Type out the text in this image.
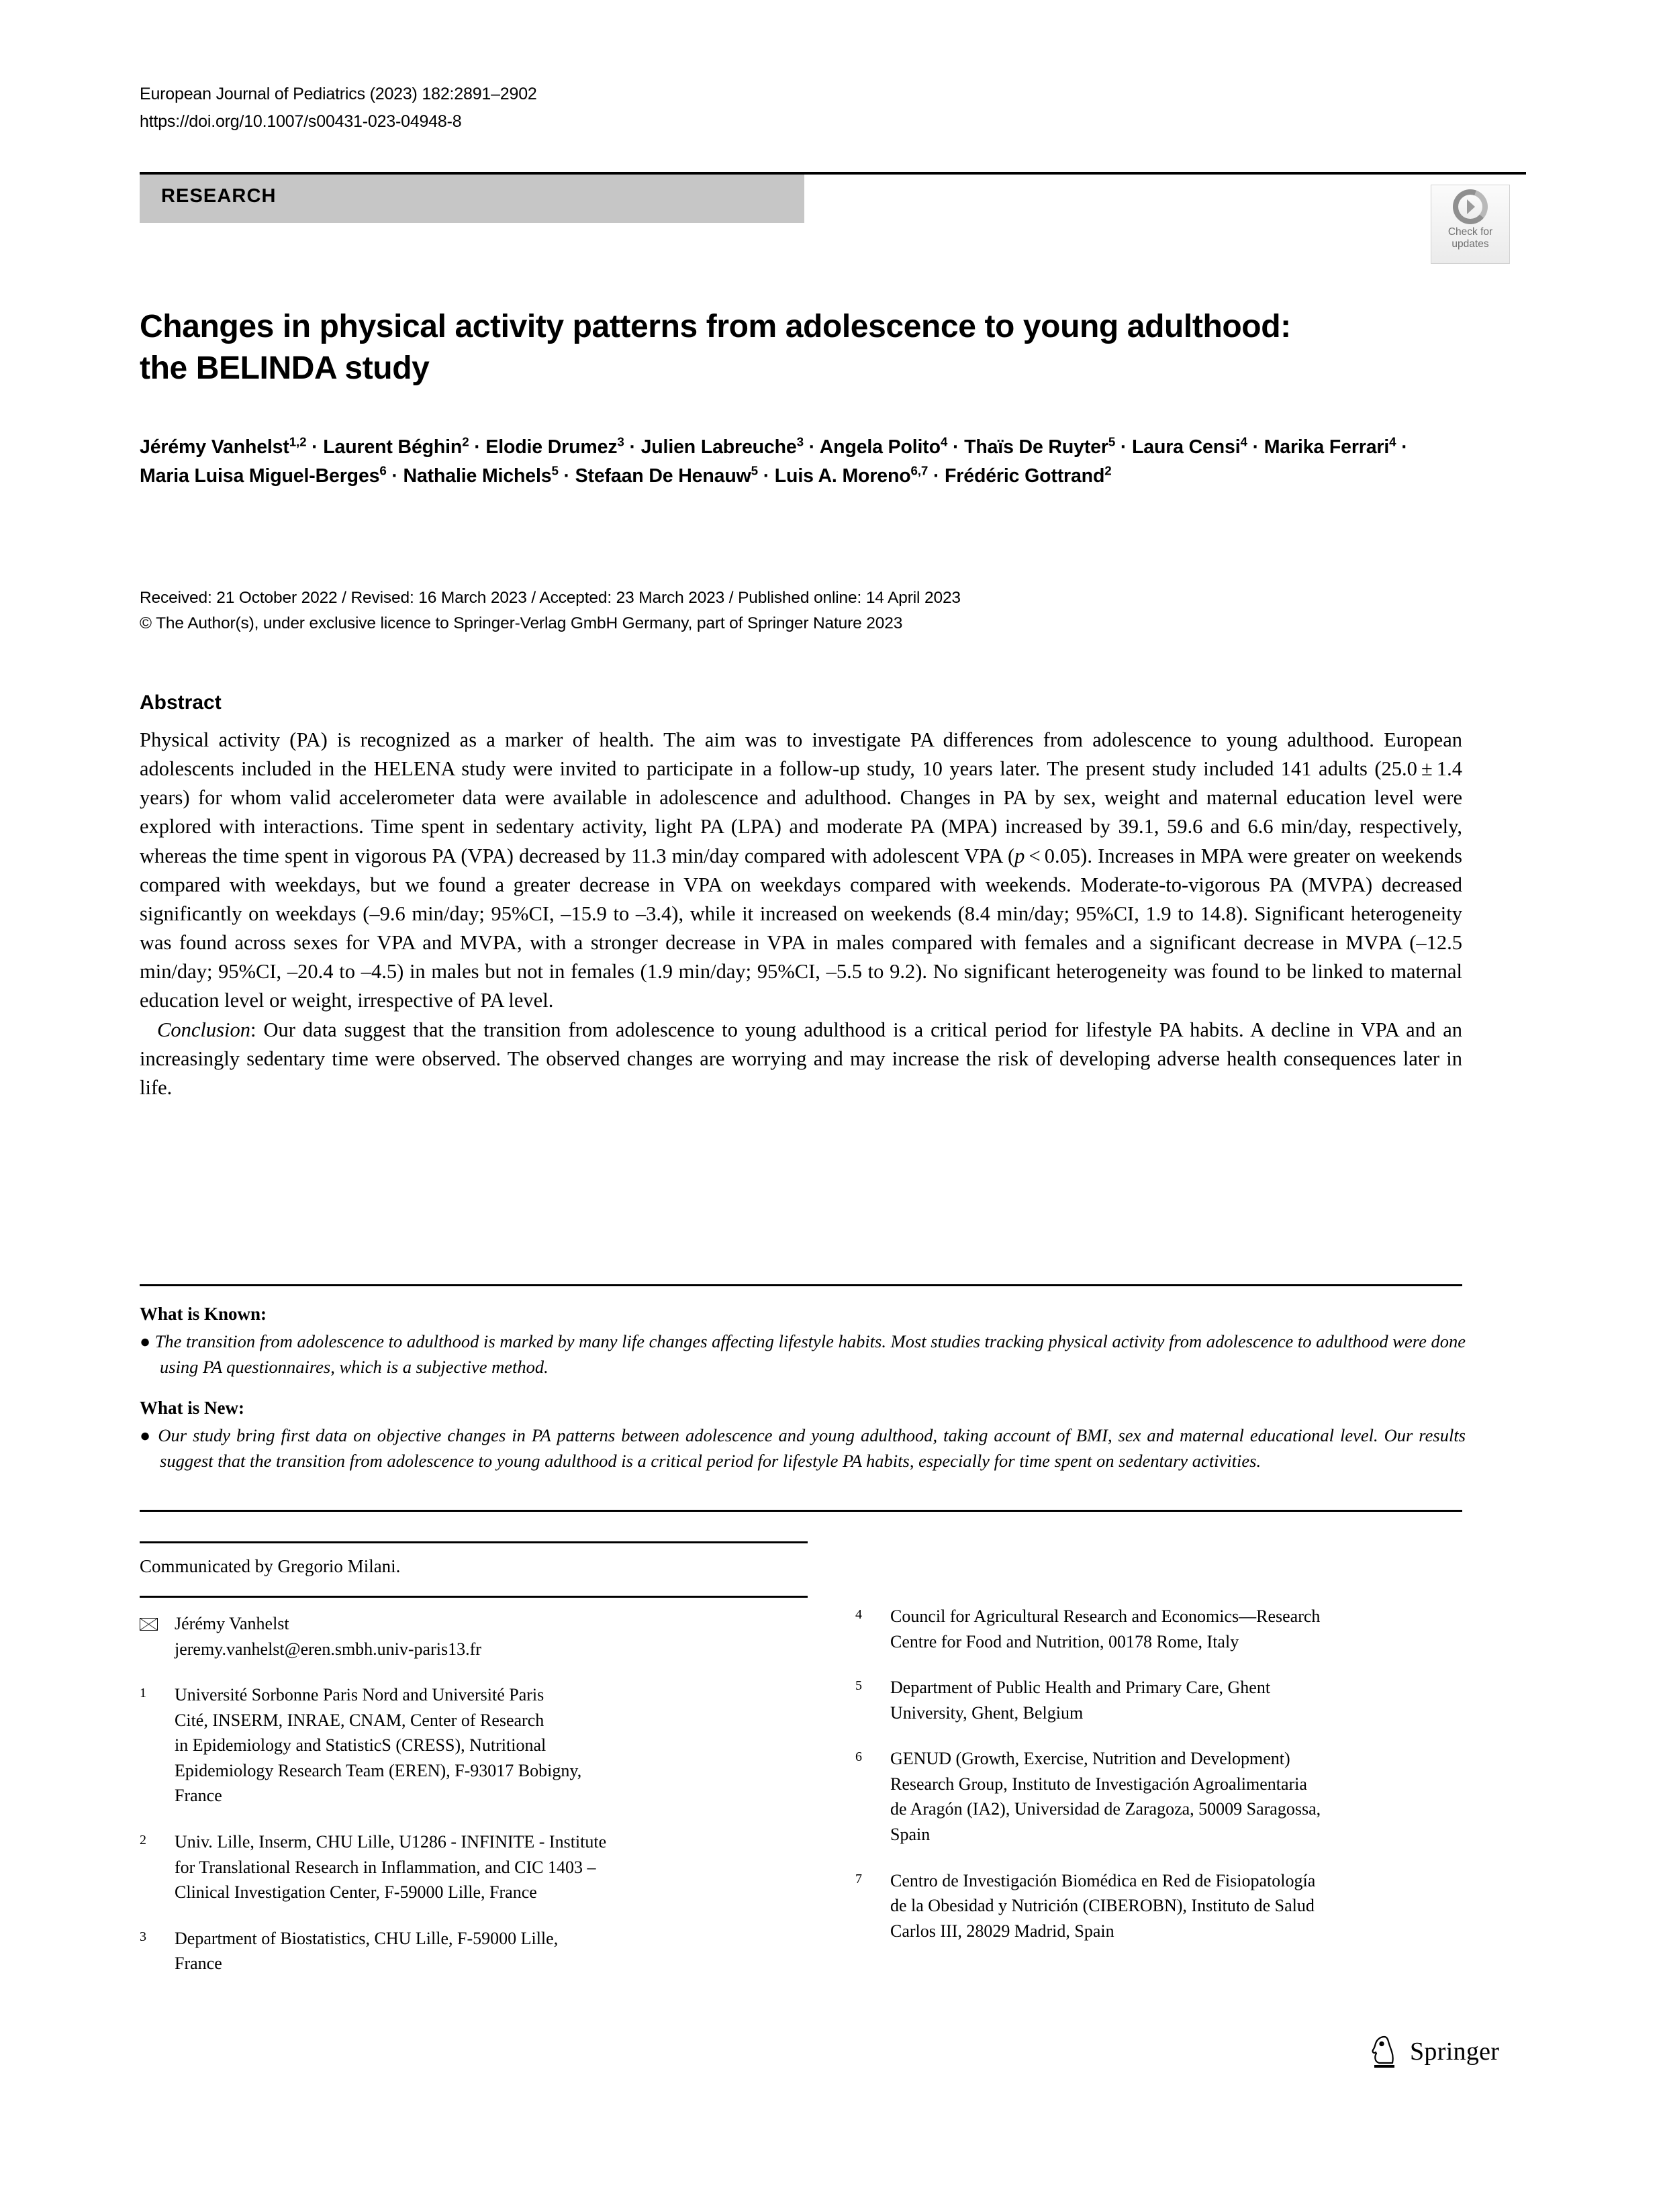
European Journal of Pediatrics (2023) 182:2891–2902
https://doi.org/10.1007/s00431-023-04948-8
RESEARCH
Check for
updates
Changes in physical activity patterns from adolescence to young adulthood: the BELINDA study
Jérémy Vanhelst$^{1,2}$ · Laurent Béghin$^2$ · Elodie Drumez$^3$ · Julien Labreuche$^3$ · Angela Polito$^4$ · Thaïs De Ruyter$^5$ · Laura Censi$^4$ · Marika Ferrari$^4$ · Maria Luisa Miguel-Berges$^6$ · Nathalie Michels$^5$ · Stefaan De Henauw$^5$ · Luis A. Moreno$^{6,7}$ · Frédéric Gottrand$^2$
Received: 21 October 2022 / Revised: 16 March 2023 / Accepted: 23 March 2023 / Published online: 14 April 2023
© The Author(s), under exclusive licence to Springer-Verlag GmbH Germany, part of Springer Nature 2023
Abstract

Physical activity (PA) is recognized as a marker of health. The aim was to investigate PA differences from adolescence to young adulthood. European adolescents included in the HELENA study were invited to participate in a follow-up study, 10 years later. The present study included 141 adults (25.0 ± 1.4 years) for whom valid accelerometer data were available in adolescence and adulthood. Changes in PA by sex, weight and maternal education level were explored with interactions. Time spent in sedentary activity, light PA (LPA) and moderate PA (MPA) increased by 39.1, 59.6 and 6.6 min/day, respectively, whereas the time spent in vigorous PA (VPA) decreased by 11.3 min/day compared with adolescent VPA (p < 0.05). Increases in MPA were greater on weekends compared with weekdays, but we found a greater decrease in VPA on weekdays compared with weekends. Moderate-to-vigorous PA (MVPA) decreased significantly on weekdays (–9.6 min/day; 95%CI, –15.9 to –3.4), while it increased on weekends (8.4 min/day; 95%CI, 1.9 to 14.8). Significant heterogeneity was found across sexes for VPA and MVPA, with a stronger decrease in VPA in males compared with females and a significant decrease in MVPA (–12.5 min/day; 95%CI, –20.4 to –4.5) in males but not in females (1.9 min/day; 95%CI, –5.5 to 9.2). No significant heterogeneity was found to be linked to maternal education level or weight, irrespective of PA level.

Conclusion: Our data suggest that the transition from adolescence to young adulthood is a critical period for lifestyle PA habits. A decline in VPA and an increasingly sedentary time were observed. The observed changes are worrying and may increase the risk of developing adverse health consequences later in life.

What is Known:

● The transition from adolescence to adulthood is marked by many life changes affecting lifestyle habits. Most studies tracking physical activity from adolescence to adulthood were done using PA questionnaires, which is a subjective method.

What is New:

● Our study bring first data on objective changes in PA patterns between adolescence and young adulthood, taking account of BMI, sex and maternal educational level. Our results suggest that the transition from adolescence to young adulthood is a critical period for lifestyle PA habits, especially for time spent on sedentary activities.

Communicated by Gregorio Milani.
Jérémy Vanhelst
jeremy.vanhelst@eren.smbh.univ-paris13.fr
1	Université Sorbonne Paris Nord and Université Paris
Cité, INSERM, INRAE, CNAM, Center of Research
in Epidemiology and StatisticS (CRESS), Nutritional
Epidemiology Research Team (EREN), F-93017 Bobigny,
France
2	Univ. Lille, Inserm, CHU Lille, U1286 - INFINITE - Institute
for Translational Research in Inflammation, and CIC 1403 –
Clinical Investigation Center, F-59000 Lille, France
3	Department of Biostatistics, CHU Lille, F-59000 Lille,
France
4	Council for Agricultural Research and Economics—Research
Centre for Food and Nutrition, 00178 Rome, Italy
5	Department of Public Health and Primary Care, Ghent
University, Ghent, Belgium
6	GENUD (Growth, Exercise, Nutrition and Development)
Research Group, Instituto de Investigación Agroalimentaria
de Aragón (IA2), Universidad de Zaragoza, 50009 Saragossa,
Spain
7	Centro de Investigación Biomédica en Red de Fisiopatología
de la Obesidad y Nutrición (CIBEROBN), Instituto de Salud
Carlos III, 28029 Madrid, Spain
Springer
